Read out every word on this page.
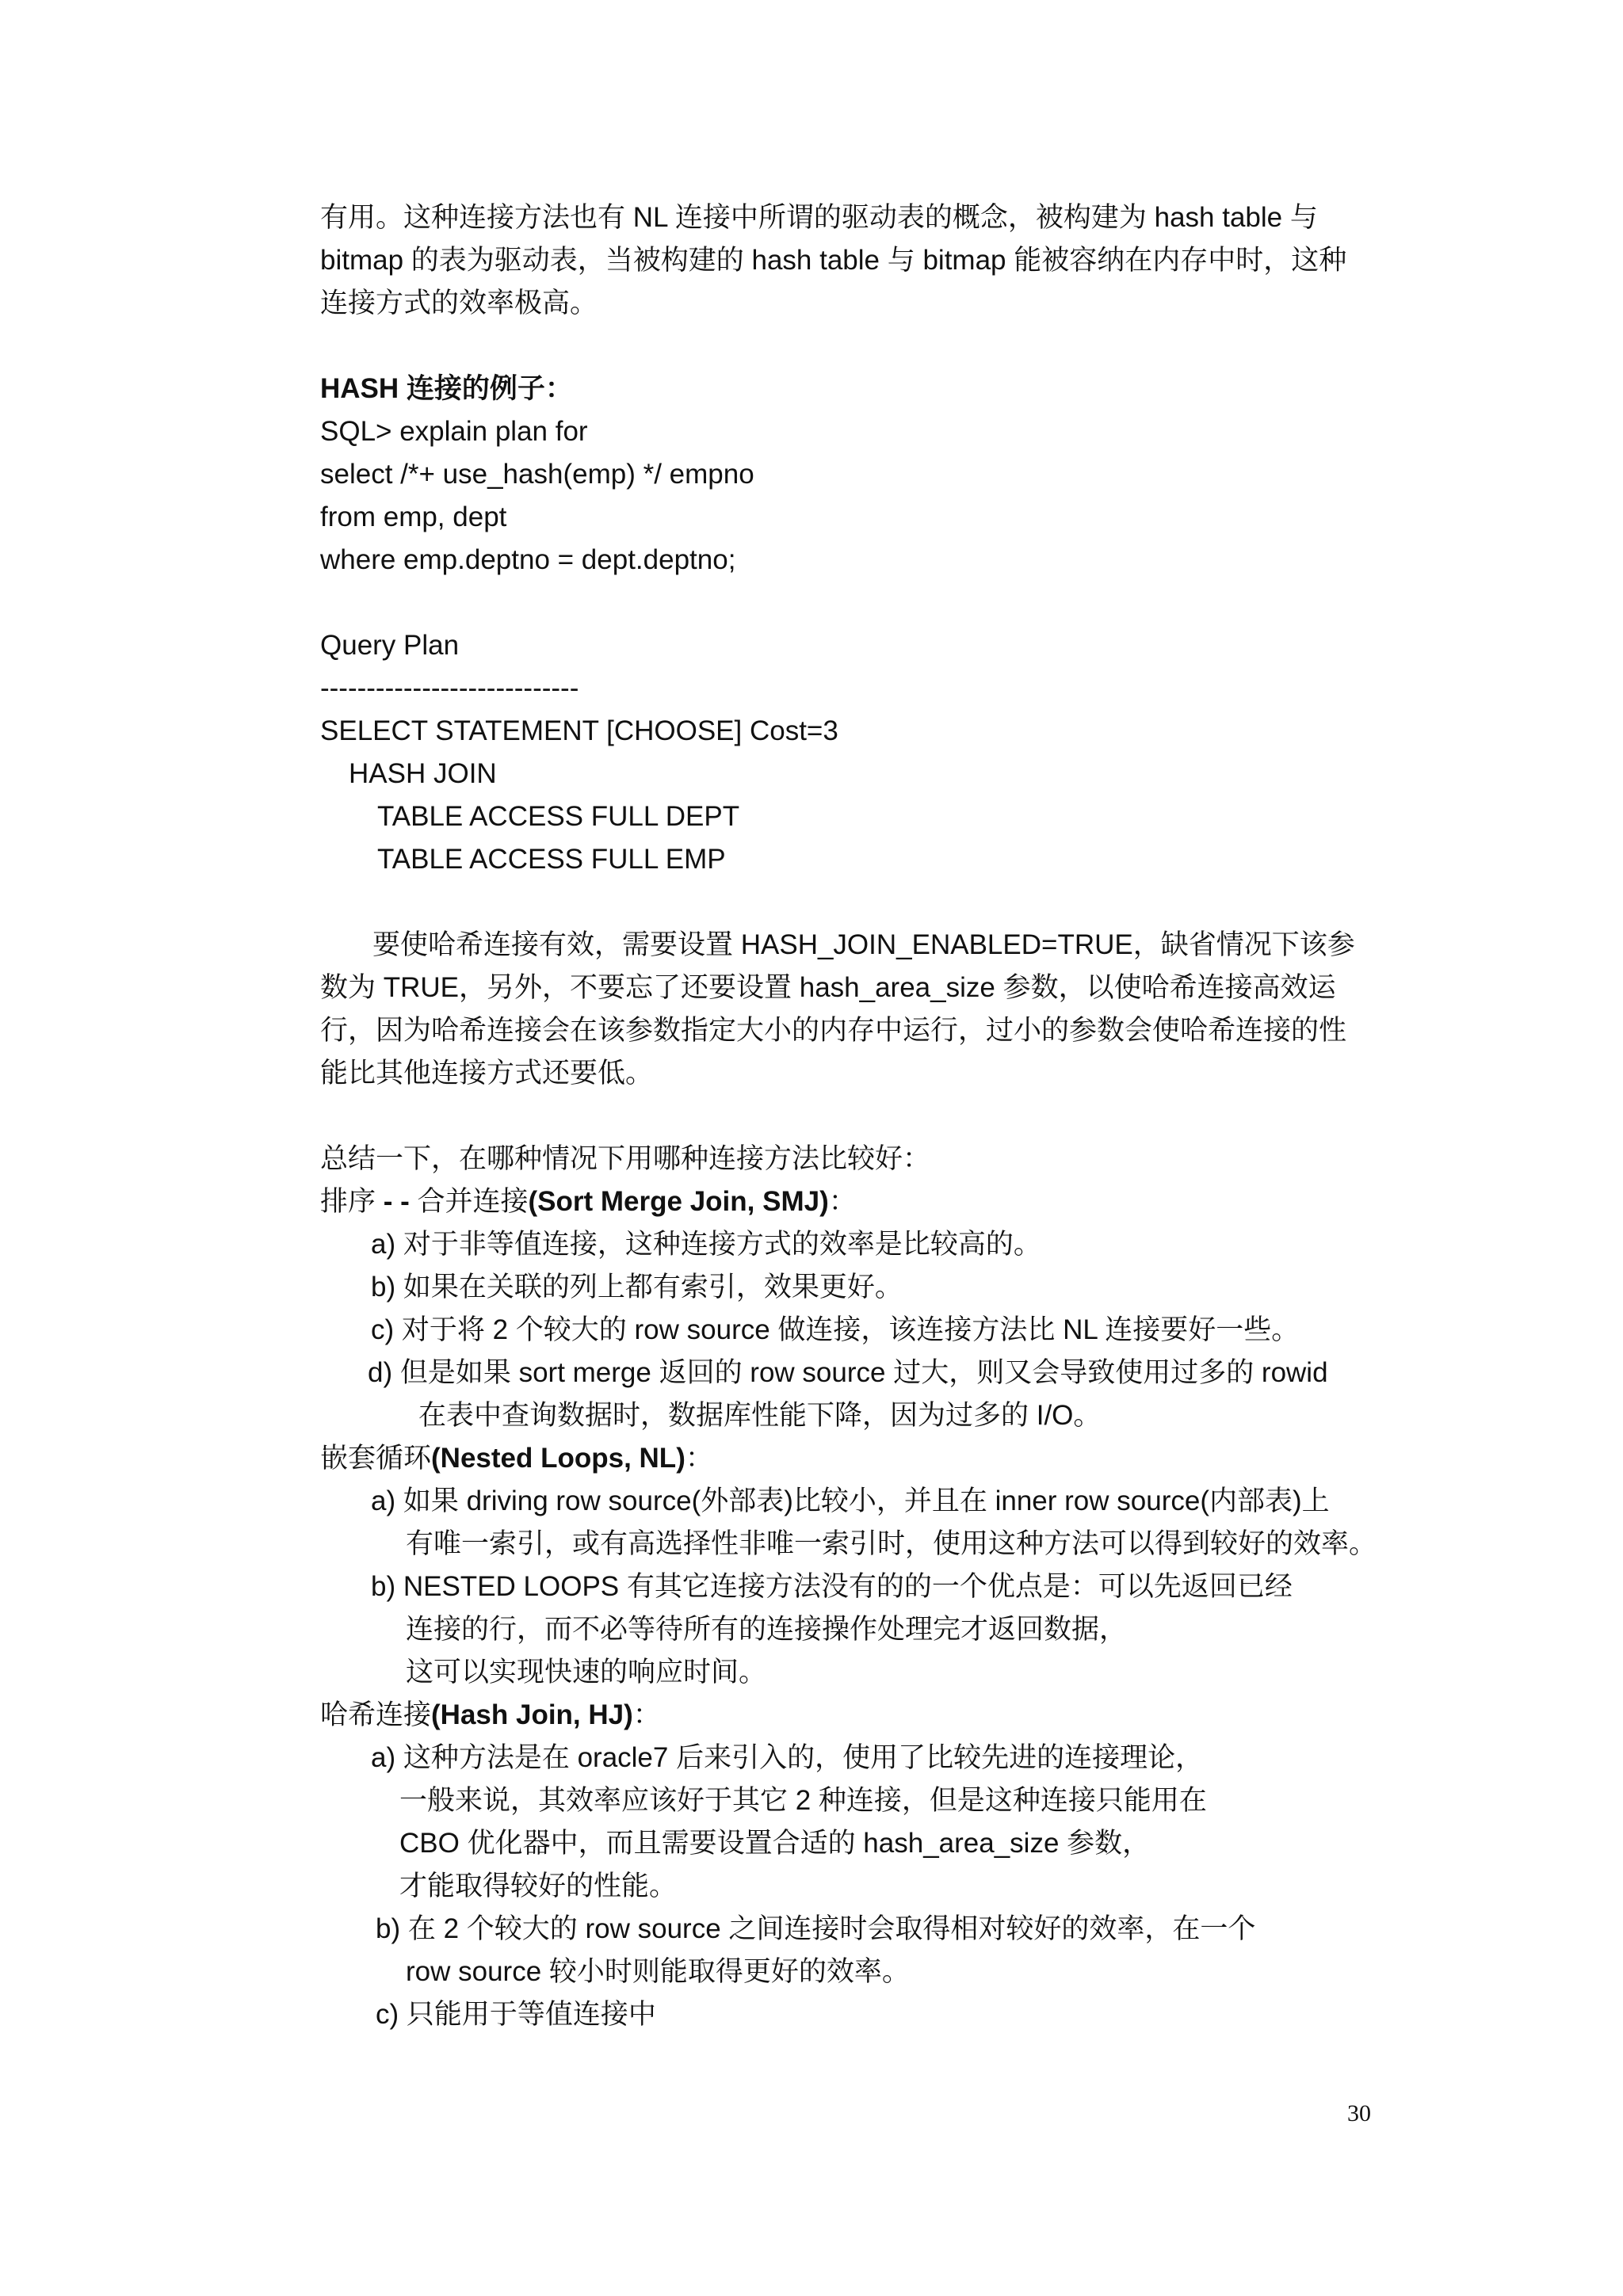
有用。这种连接方法也有 NL 连接中所谓的驱动表的概念，被构建为 hash table 与
bitmap 的表为驱动表，当被构建的 hash table 与 bitmap 能被容纳在内存中时，这种
连接方式的效率极高。
HASH 连接的例子：
SQL> explain plan for
select /*+ use_hash(emp) */ empno
from emp, dept
where emp.deptno = dept.deptno;
Query Plan
----------------------------
SELECT STATEMENT [CHOOSE] Cost=3
HASH JOIN
TABLE ACCESS FULL DEPT
TABLE ACCESS FULL EMP
要使哈希连接有效，需要设置 HASH_JOIN_ENABLED=TRUE，缺省情况下该参
数为 TRUE，另外，不要忘了还要设置 hash_area_size 参数，以使哈希连接高效运
行，因为哈希连接会在该参数指定大小的内存中运行，过小的参数会使哈希连接的性
能比其他连接方式还要低。
总结一下，在哪种情况下用哪种连接方法比较好：
排序 - - 合并连接(Sort Merge Join, SMJ)：
a) 对于非等值连接，这种连接方式的效率是比较高的。
b) 如果在关联的列上都有索引，效果更好。
c) 对于将 2 个较大的 row source 做连接，该连接方法比 NL 连接要好一些。
d) 但是如果 sort merge 返回的 row source 过大，则又会导致使用过多的 rowid
在表中查询数据时，数据库性能下降，因为过多的 I/O。
嵌套循环(Nested Loops, NL)：
a) 如果 driving row source(外部表)比较小，并且在 inner row source(内部表)上
有唯一索引，或有高选择性非唯一索引时，使用这种方法可以得到较好的效率。
b) NESTED LOOPS 有其它连接方法没有的的一个优点是：可以先返回已经
连接的行，而不必等待所有的连接操作处理完才返回数据，
这可以实现快速的响应时间。
哈希连接(Hash Join, HJ)：
a) 这种方法是在 oracle7 后来引入的，使用了比较先进的连接理论，
一般来说，其效率应该好于其它 2 种连接，但是这种连接只能用在
CBO 优化器中，而且需要设置合适的 hash_area_size 参数，
才能取得较好的性能。
b) 在 2 个较大的 row source 之间连接时会取得相对较好的效率，在一个
row source 较小时则能取得更好的效率。
c) 只能用于等值连接中
30
